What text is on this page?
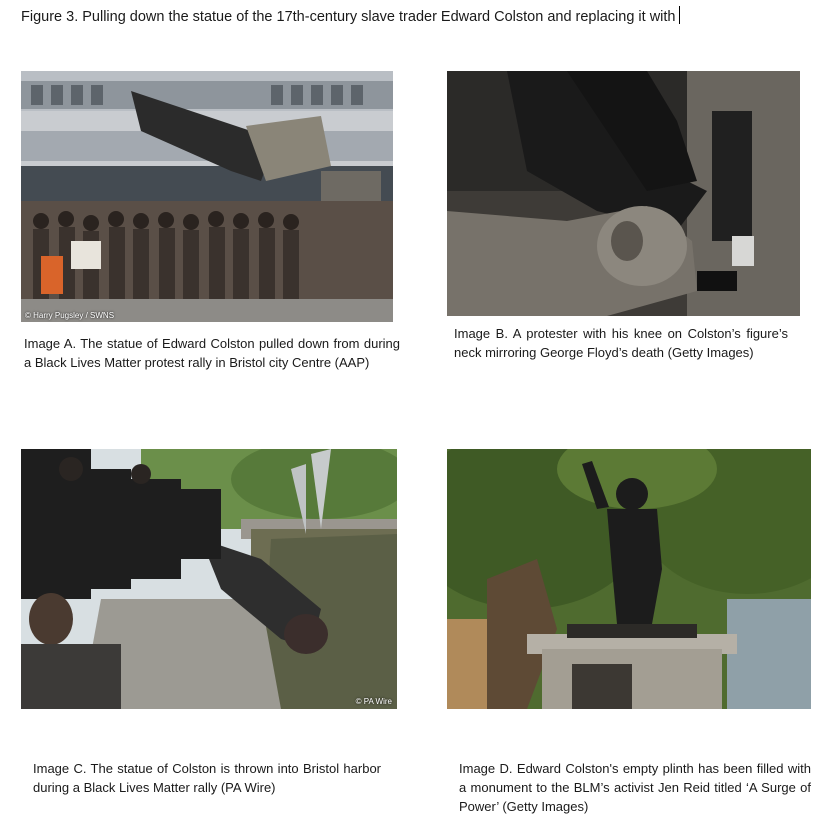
Figure 3. Pulling down the statue of the 17th-century slave trader Edward Colston and replacing it with
© Harry Pugsley / SWNS
© PA Wire
Image A. The statue of Edward Colston pulled down from during a Black Lives Matter protest rally in Bristol city Centre (AAP)
Image B. A protester with his knee on Colston’s figure’s neck mirroring George Floyd’s death (Getty Images)
Image C. The statue of Colston is thrown into Bristol harbor during a Black Lives Matter rally (PA Wire)
Image D. Edward Colston's empty plinth has been filled with a monument to the BLM’s activist Jen Reid titled ‘A Surge of Power’ (Getty Images)
